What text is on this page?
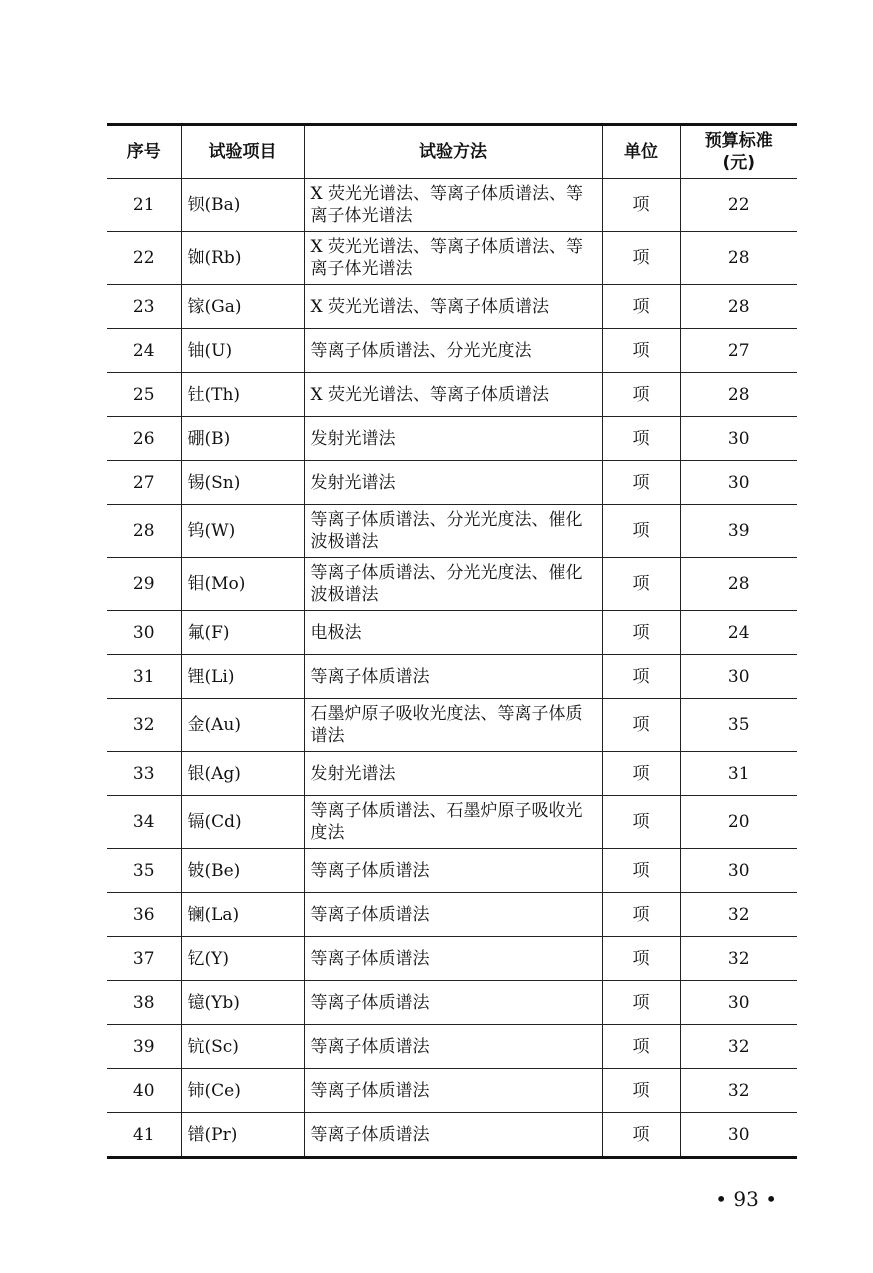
序号	试验项目	试验方法	单位	预算标准
(元)

21	钡(Ba)	X 荧光光谱法、等离子体质谱法、等离子体光谱法	项	22
22	铷(Rb)	X 荧光光谱法、等离子体质谱法、等离子体光谱法	项	28
23	镓(Ga)	X 荧光光谱法、等离子体质谱法	项	28
24	铀(U)	等离子体质谱法、分光光度法	项	27
25	钍(Th)	X 荧光光谱法、等离子体质谱法	项	28
26	硼(B)	发射光谱法	项	30
27	锡(Sn)	发射光谱法	项	30
28	钨(W)	等离子体质谱法、分光光度法、催化波极谱法	项	39
29	钼(Mo)	等离子体质谱法、分光光度法、催化波极谱法	项	28
30	氟(F)	电极法	项	24
31	锂(Li)	等离子体质谱法	项	30
32	金(Au)	石墨炉原子吸收光度法、等离子体质谱法	项	35
33	银(Ag)	发射光谱法	项	31
34	镉(Cd)	等离子体质谱法、石墨炉原子吸收光度法	项	20
35	铍(Be)	等离子体质谱法	项	30
36	镧(La)	等离子体质谱法	项	32
37	钇(Y)	等离子体质谱法	项	32
38	镱(Yb)	等离子体质谱法	项	30
39	钪(Sc)	等离子体质谱法	项	32
40	铈(Ce)	等离子体质谱法	项	32
41	镨(Pr)	等离子体质谱法	项	30
• 93 •
